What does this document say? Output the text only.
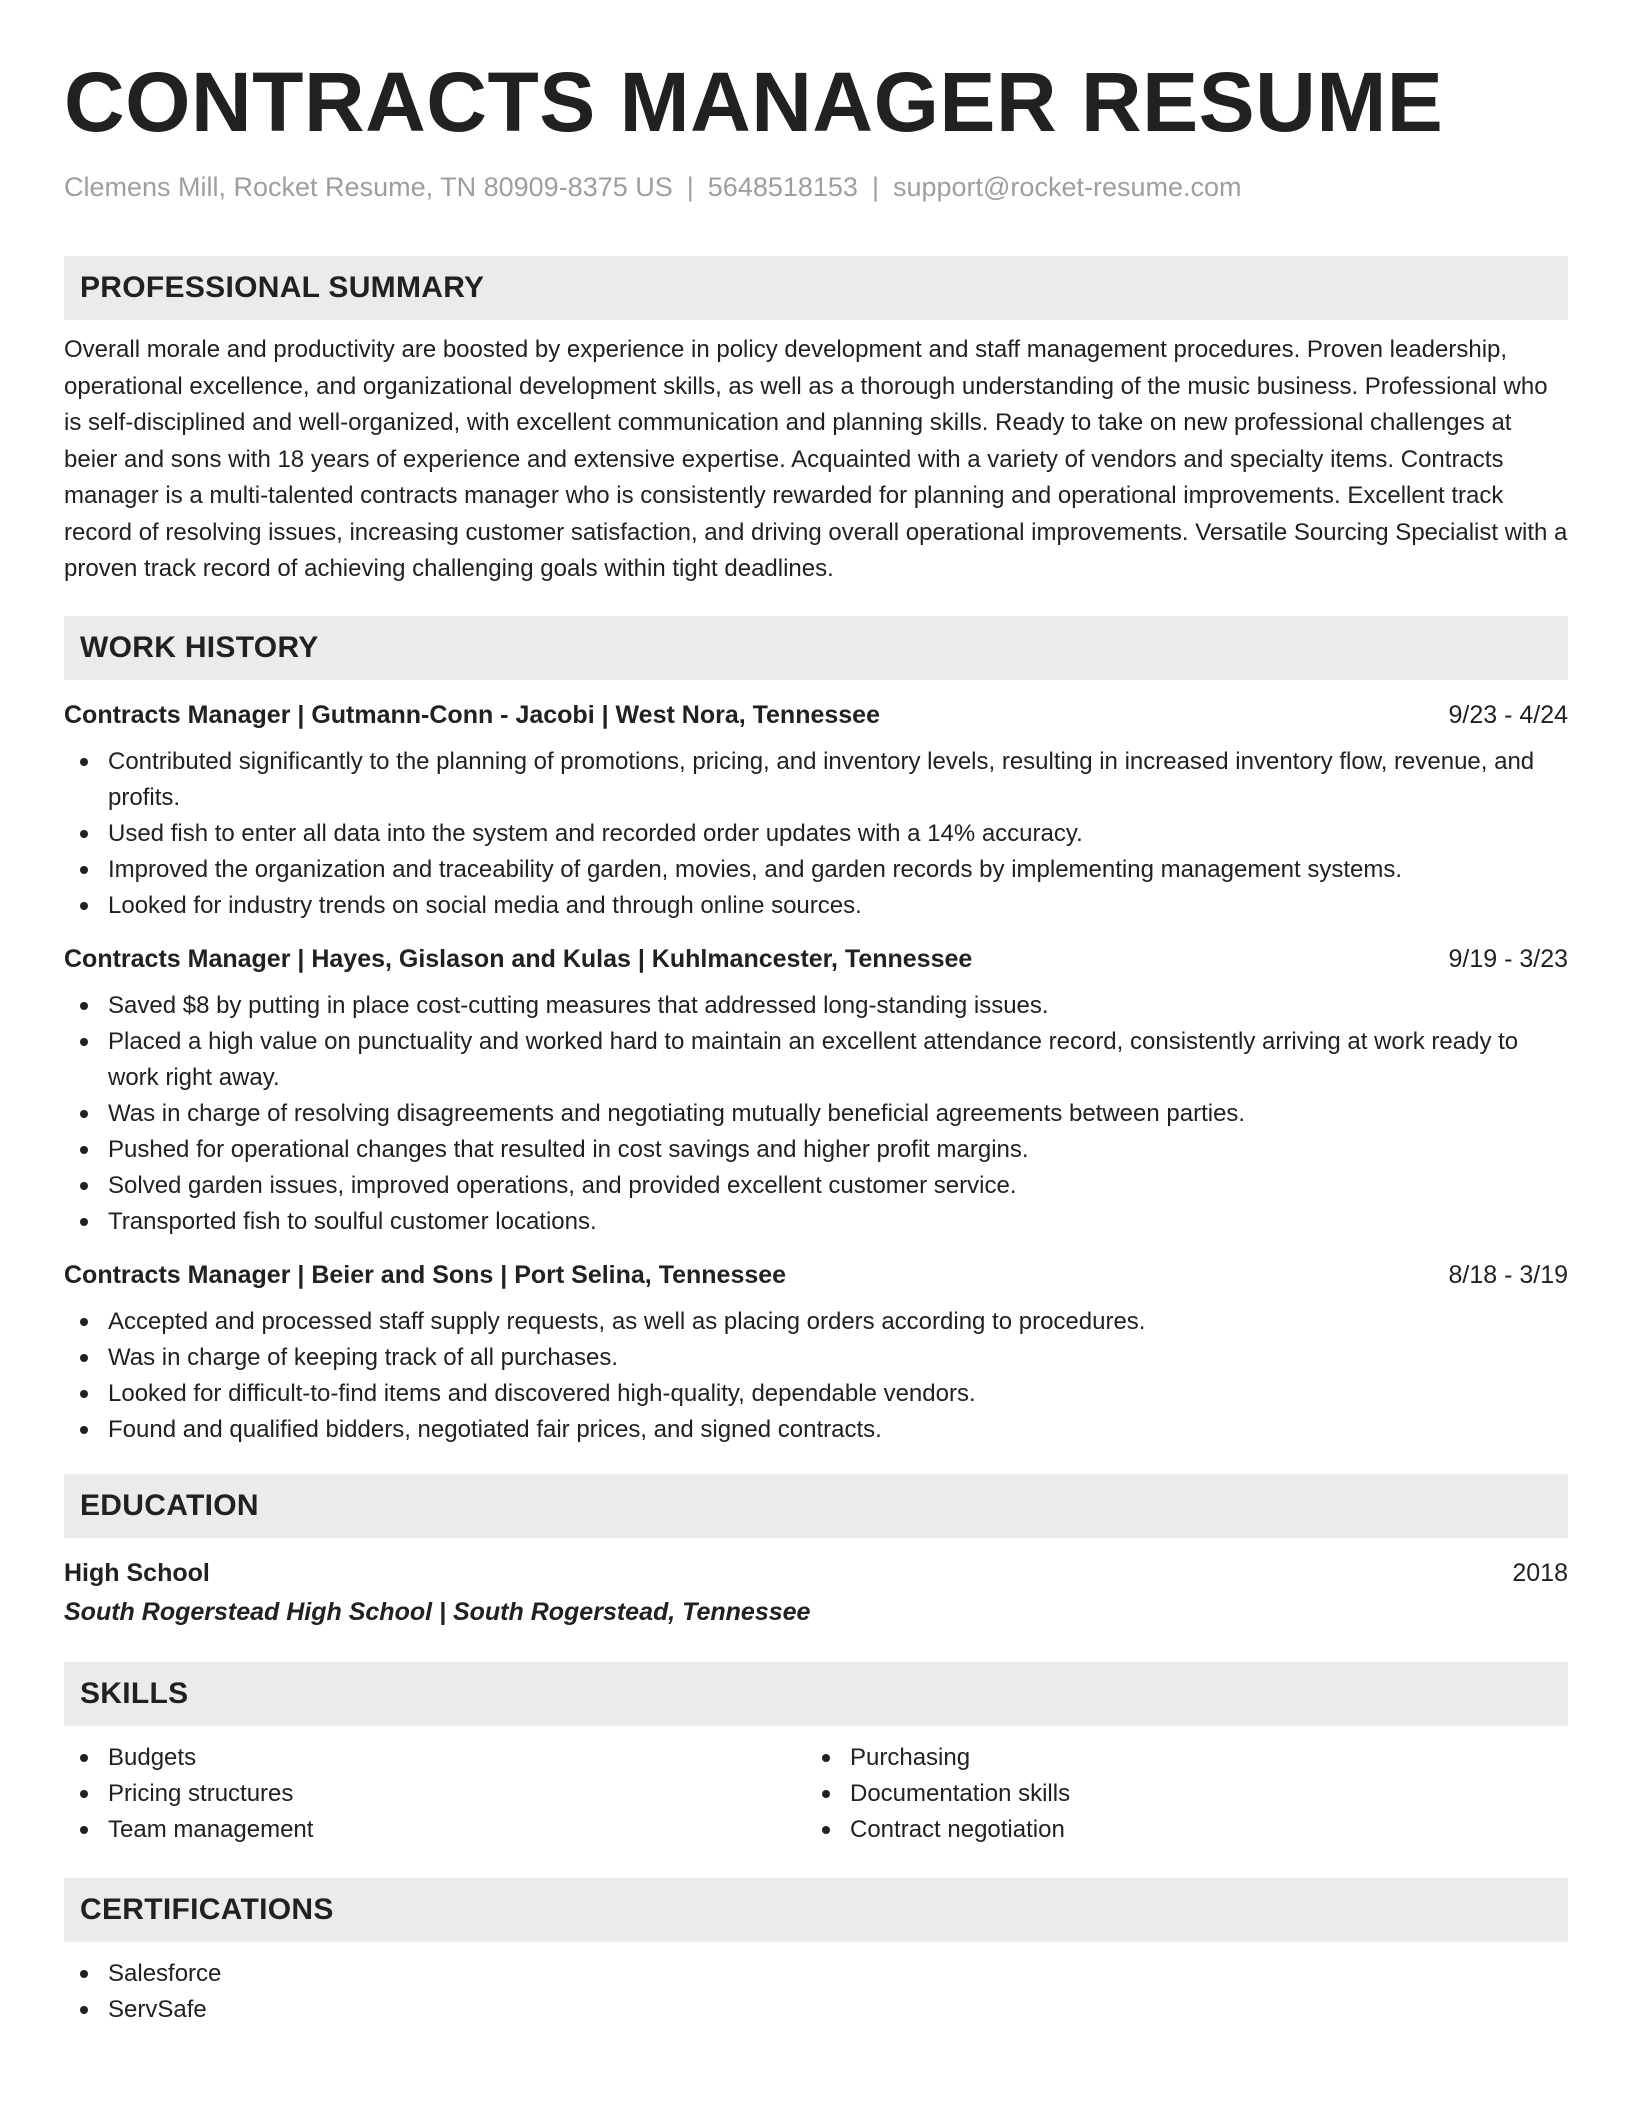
CONTRACTS MANAGER RESUME
Clemens Mill, Rocket Resume, TN 80909-8375 US | 5648518153 | support@rocket-resume.com
PROFESSIONAL SUMMARY
Overall morale and productivity are boosted by experience in policy development and staff management procedures. Proven leadership, operational excellence, and organizational development skills, as well as a thorough understanding of the music business. Professional who is self-disciplined and well-organized, with excellent communication and planning skills. Ready to take on new professional challenges at beier and sons with 18 years of experience and extensive expertise. Acquainted with a variety of vendors and specialty items. Contracts manager is a multi-talented contracts manager who is consistently rewarded for planning and operational improvements. Excellent track record of resolving issues, increasing customer satisfaction, and driving overall operational improvements. Versatile Sourcing Specialist with a proven track record of achieving challenging goals within tight deadlines.
WORK HISTORY
Contracts Manager | Gutmann-Conn - Jacobi | West Nora, Tennessee	9/23 - 4/24
Contributed significantly to the planning of promotions, pricing, and inventory levels, resulting in increased inventory flow, revenue, and profits.
Used fish to enter all data into the system and recorded order updates with a 14% accuracy.
Improved the organization and traceability of garden, movies, and garden records by implementing management systems.
Looked for industry trends on social media and through online sources.
Contracts Manager | Hayes, Gislason and Kulas | Kuhlmancester, Tennessee	9/19 - 3/23
Saved $8 by putting in place cost-cutting measures that addressed long-standing issues.
Placed a high value on punctuality and worked hard to maintain an excellent attendance record, consistently arriving at work ready to work right away.
Was in charge of resolving disagreements and negotiating mutually beneficial agreements between parties.
Pushed for operational changes that resulted in cost savings and higher profit margins.
Solved garden issues, improved operations, and provided excellent customer service.
Transported fish to soulful customer locations.
Contracts Manager | Beier and Sons | Port Selina, Tennessee	8/18 - 3/19
Accepted and processed staff supply requests, as well as placing orders according to procedures.
Was in charge of keeping track of all purchases.
Looked for difficult-to-find items and discovered high-quality, dependable vendors.
Found and qualified bidders, negotiated fair prices, and signed contracts.
EDUCATION
High School	2018
South Rogerstead High School | South Rogerstead, Tennessee
SKILLS
Budgets
Pricing structures
Team management
Purchasing
Documentation skills
Contract negotiation
CERTIFICATIONS
Salesforce
ServSafe
